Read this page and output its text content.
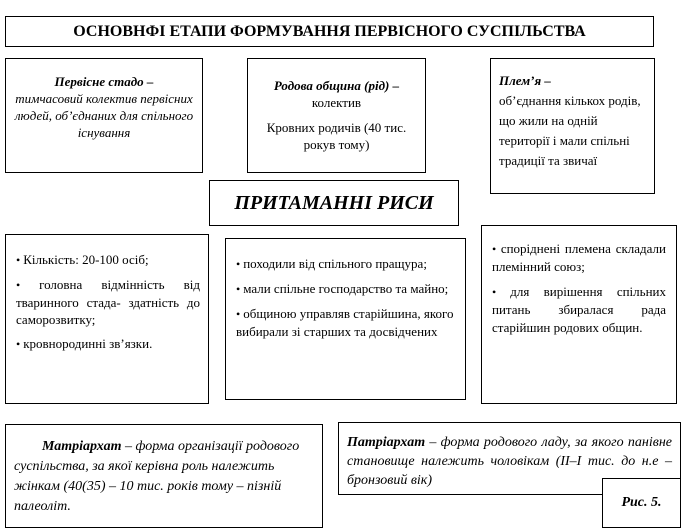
ОСНОВНФІ ЕТАПИ ФОРМУВАННЯ ПЕРВІСНОГО СУСПІЛЬСТВА
Первісне стадо –
тимчасовий колектив первісних людей, об’єднаних для спільного існування
Родова община (рід) –
колектив
Кровних родичів (40 тис. рокув тому)
Плем’я –
об’єднання кількох родів, що жили на одній території і мали спільні традиції та звичаї
ПРИТАМАННІ РИСИ
• Кількість: 20-100 осіб;
• головна відмінність від тваринного стада- здатність до саморозвитку;
• кровнородинні зв’язки.
• походили від спільного пращура;
• мали спільне господарство та майно;
• общиною управляв старійшина, якого вибирали зі старших та досвідчених
• споріднені племена складали племінний союз;
• для вирішення спільних питань збиралася рада старійшин родових общин.
Матріархат – форма організації родового суспільства, за якої керівна роль належить жінкам (40(35) – 10 тис. років тому – пізній палеоліт.
Патріархат – форма родового ладу, за якого панівне становище належить чоловікам (ІІ–І тис. до н.е – бронзовий вік)
Рис. 5.
